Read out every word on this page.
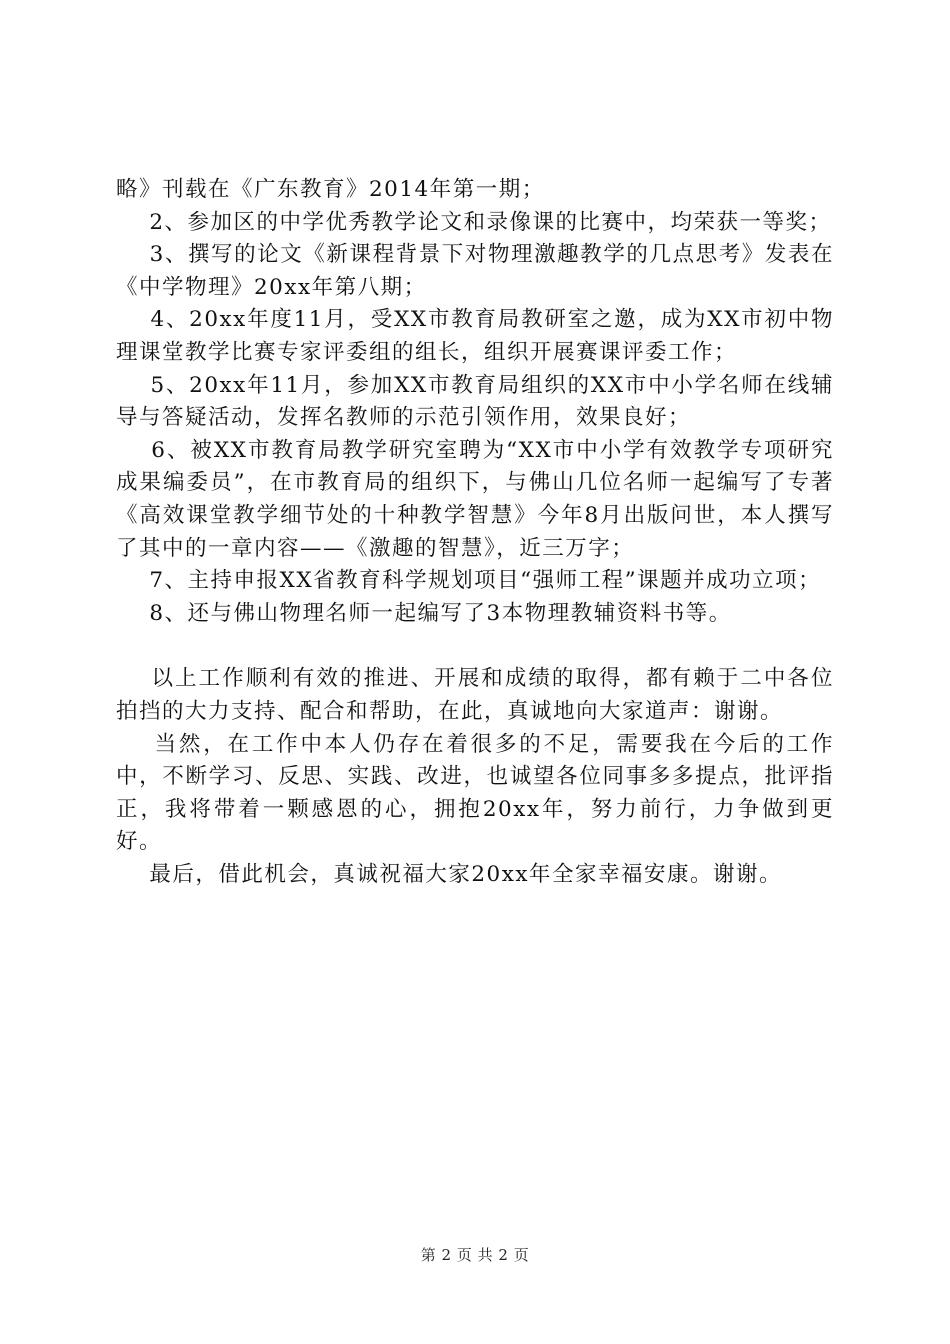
略》刊载在《广东教育》2014年第一期；

2、参加区的中学优秀教学论文和录像课的比赛中，均荣获一等奖；

3、撰写的论文《新课程背景下对物理激趣教学的几点思考》发表在《中学物理》20xx年第八期；

4、20xx年度11月，受XX市教育局教研室之邀，成为XX市初中物理课堂教学比赛专家评委组的组长，组织开展赛课评委工作；

5、20xx年11月，参加XX市教育局组织的XX市中小学名师在线辅导与答疑活动，发挥名教师的示范引领作用，效果良好；

6、被XX市教育局教学研究室聘为“XX市中小学有效教学专项研究成果编委员”，在市教育局的组织下，与佛山几位名师一起编写了专著《高效课堂教学细节处的十种教学智慧》今年8月出版问世，本人撰写了其中的一章内容——《激趣的智慧》，近三万字；

7、主持申报XX省教育科学规划项目“强师工程”课题并成功立项；

8、还与佛山物理名师一起编写了3本物理教辅资料书等。

以上工作顺利有效的推进、开展和成绩的取得，都有赖于二中各位拍挡的大力支持、配合和帮助，在此，真诚地向大家道声：谢谢。

当然，在工作中本人仍存在着很多的不足，需要我在今后的工作中，不断学习、反思、实践、改进，也诚望各位同事多多提点，批评指正，我将带着一颗感恩的心，拥抱20xx年，努力前行，力争做到更好。

最后，借此机会，真诚祝福大家20xx年全家幸福安康。谢谢。

第 2 页 共 2 页
